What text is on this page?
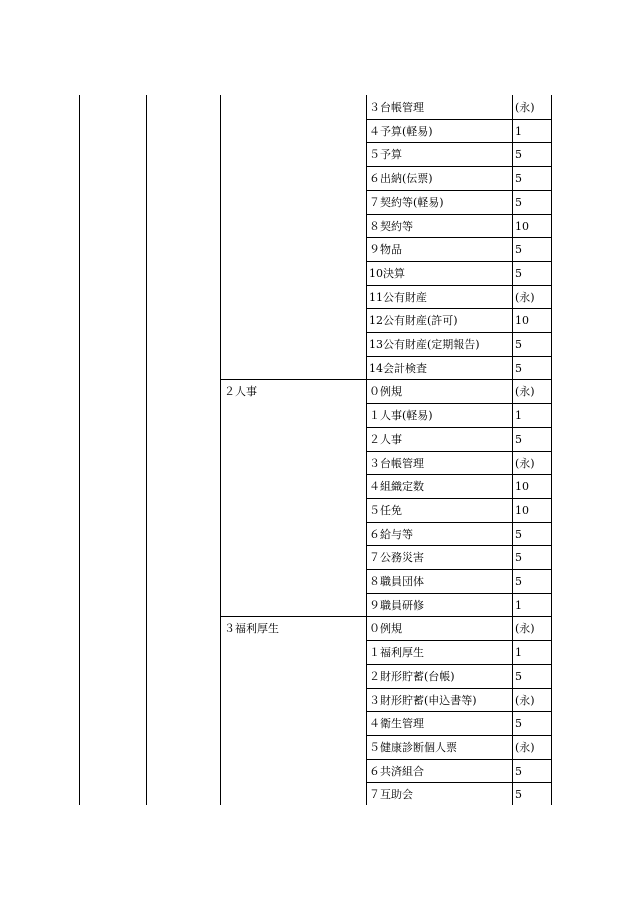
３台帳管理	(永)
４予算(軽易)	1
５予算	5
６出納(伝票)	5
７契約等(軽易)	5
８契約等	10
９物品	5
10決算	5
11公有財産	(永)
12公有財産(許可)	10
13公有財産(定期報告)	5
14会計検査	5
２人事	０例規	(永)
１人事(軽易)	1
２人事	5
３台帳管理	(永)
４組織定数	10
５任免	10
６給与等	5
７公務災害	5
８職員団体	5
９職員研修	1
３福利厚生	０例規	(永)
１福利厚生	1
２財形貯蓄(台帳)	5
３財形貯蓄(申込書等)	(永)
４衛生管理	5
５健康診断個人票	(永)
６共済組合	5
７互助会	5
